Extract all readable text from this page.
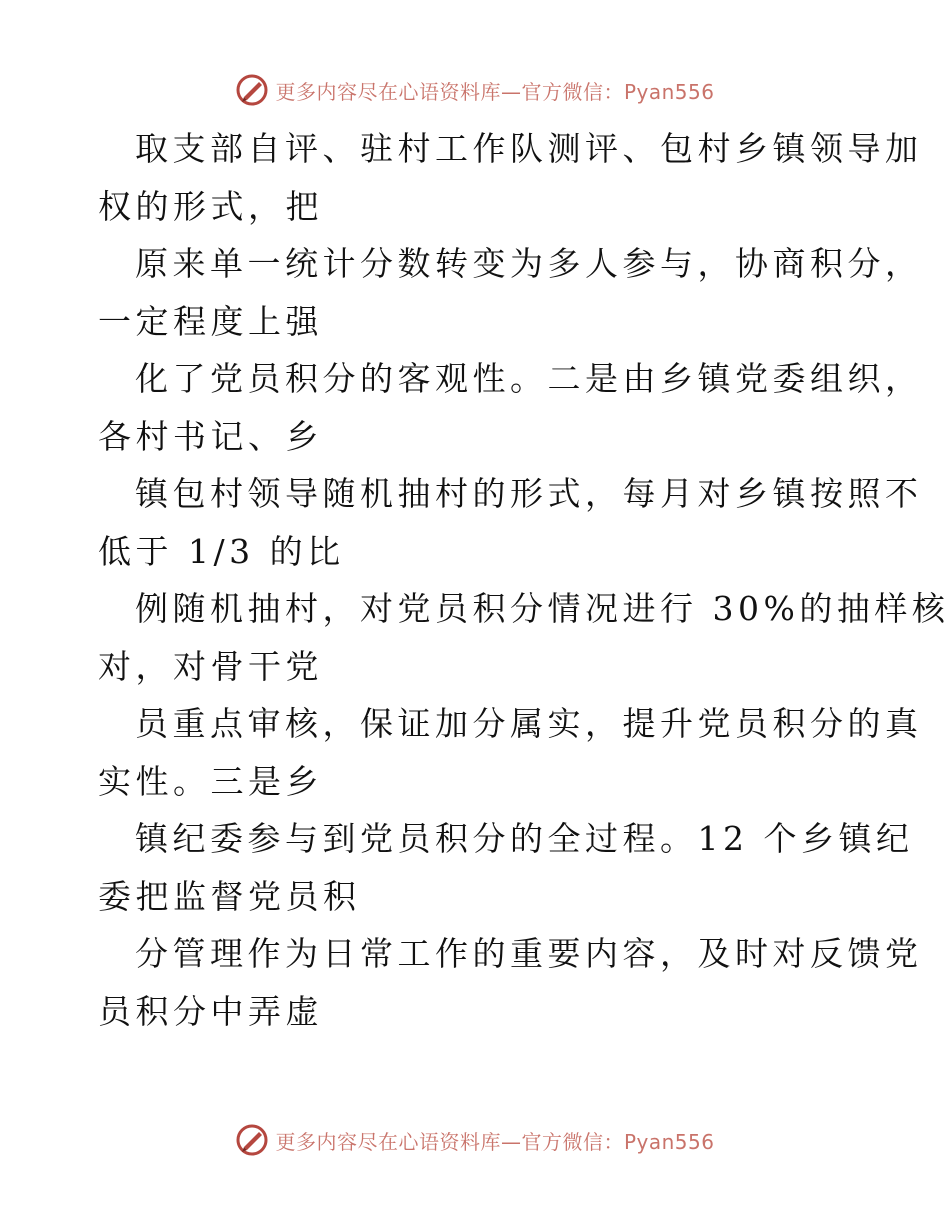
更多内容尽在心语资料库—官方微信：Pyan556
取支部自评、驻村工作队测评、包村乡镇领导加
权的形式，把
原来单一统计分数转变为多人参与，协商积分，
一定程度上强
化了党员积分的客观性。二是由乡镇党委组织，
各村书记、乡
镇包村领导随机抽村的形式，每月对乡镇按照不
低于 1/3 的比
例随机抽村，对党员积分情况进行 30%的抽样核
对，对骨干党
员重点审核，保证加分属实，提升党员积分的真
实性。三是乡
镇纪委参与到党员积分的全过程。12 个乡镇纪
委把监督党员积
分管理作为日常工作的重要内容，及时对反馈党
员积分中弄虚
更多内容尽在心语资料库—官方微信：Pyan556
